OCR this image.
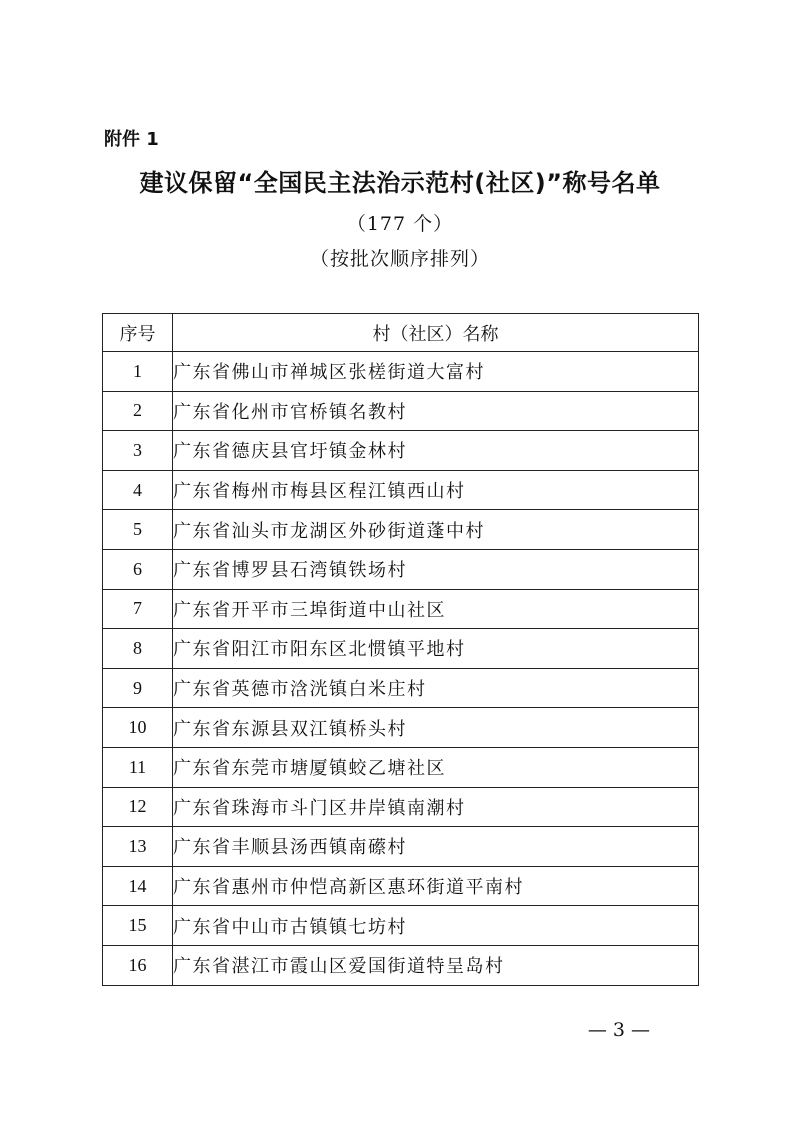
附件 1
建议保留“全国民主法治示范村(社区)”称号名单
（177 个）
（按批次顺序排列）
序号	村（社区）名称
1	广东省佛山市禅城区张槎街道大富村
2	广东省化州市官桥镇名教村
3	广东省德庆县官圩镇金林村
4	广东省梅州市梅县区程江镇西山村
5	广东省汕头市龙湖区外砂街道蓬中村
6	广东省博罗县石湾镇铁场村
7	广东省开平市三埠街道中山社区
8	广东省阳江市阳东区北惯镇平地村
9	广东省英德市浛洸镇白米庄村
10	广东省东源县双江镇桥头村
11	广东省东莞市塘厦镇蛟乙塘社区
12	广东省珠海市斗门区井岸镇南潮村
13	广东省丰顺县汤西镇南礤村
14	广东省惠州市仲恺高新区惠环街道平南村
15	广东省中山市古镇镇七坊村
16	广东省湛江市霞山区爱国街道特呈岛村
— 3 —
